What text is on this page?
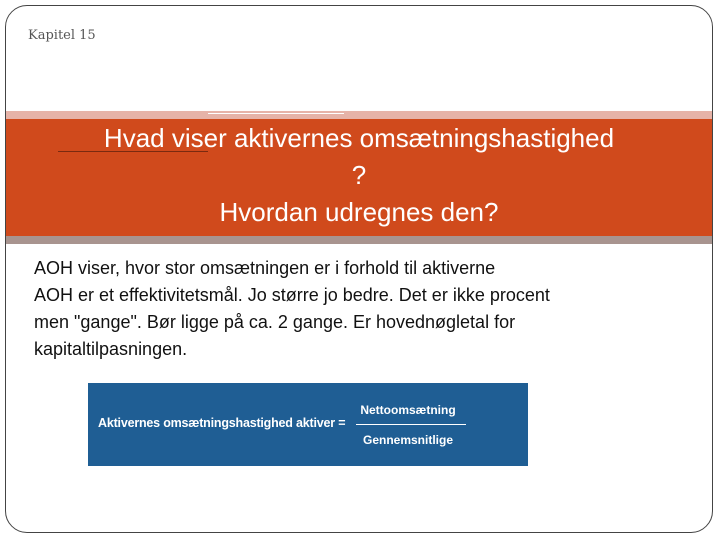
Kapitel 15
Hvad viser aktivernes omsætningshastighed
?
Hvordan udregnes den?
AOH viser, hvor stor omsætningen er i forhold til aktiverne
AOH er et effektivitetsmål. Jo større jo bedre. Det er ikke procent
men "gange". Bør ligge på ca. 2 gange. Er hovednøgletal for
kapitaltilpasningen.
Aktivernes omsætningshastighed aktiver =
Nettoomsætning
Gennemsnitlige
